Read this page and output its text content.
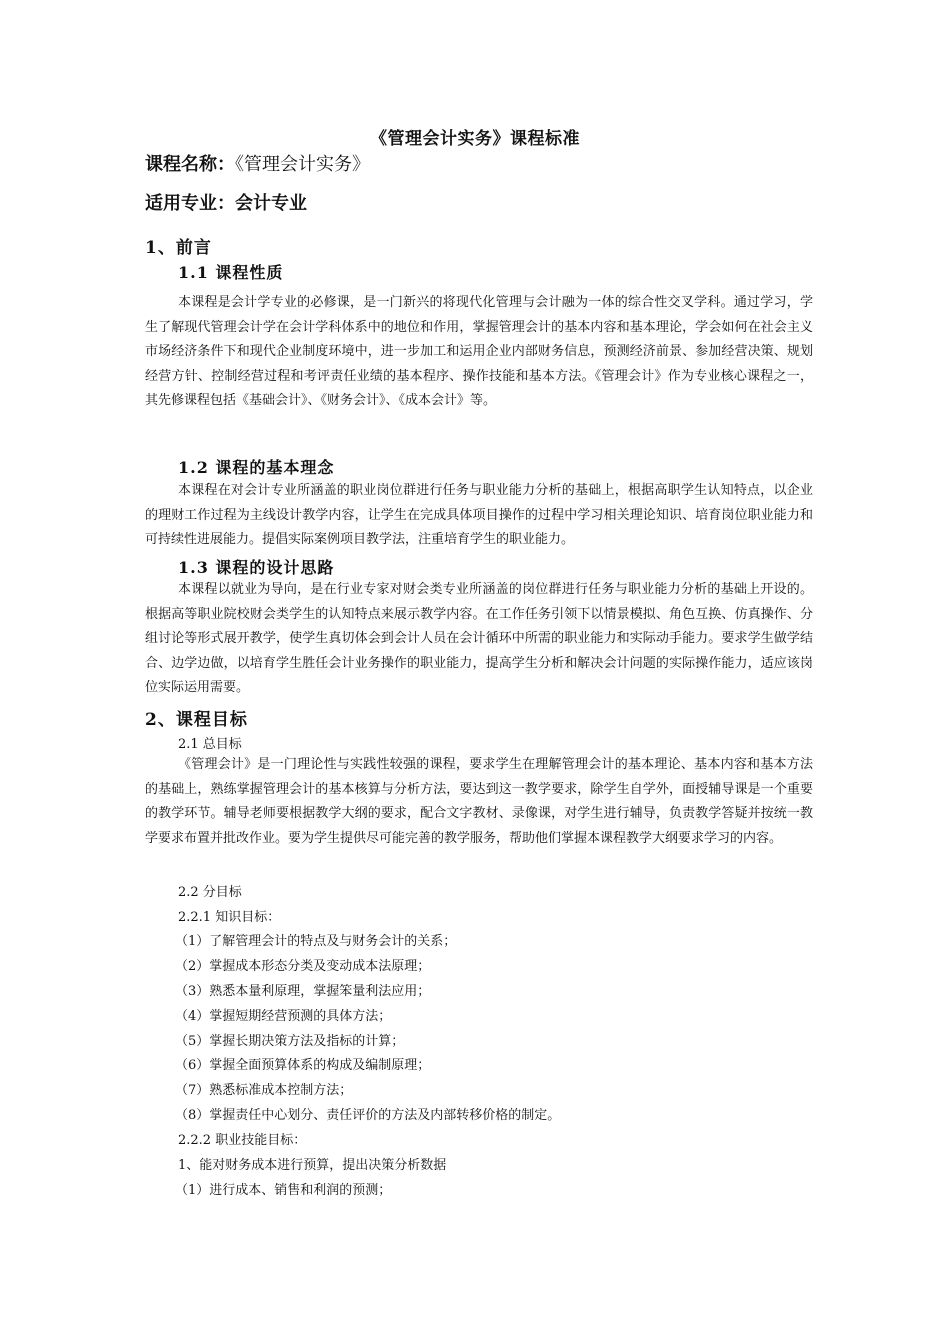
《管理会计实务》课程标准
课程名称：《管理会计实务》
适用专业：会计专业
1、前言
1.1 课程性质

本课程是会计学专业的必修课，是一门新兴的将现代化管理与会计融为一体的综合性交叉学科。通过学习，学生了解现代管理会计学在会计学科体系中的地位和作用，掌握管理会计的基本内容和基本理论，学会如何在社会主义市场经济条件下和现代企业制度环境中，进一步加工和运用企业内部财务信息，预测经济前景、参加经营决策、规划经营方针、控制经营过程和考评责任业绩的基本程序、操作技能和基本方法。《管理会计》作为专业核心课程之一，其先修课程包括《基础会计》、《财务会计》、《成本会计》等。

1.2 课程的基本理念

本课程在对会计专业所涵盖的职业岗位群进行任务与职业能力分析的基础上，根据高职学生认知特点，以企业的理财工作过程为主线设计教学内容，让学生在完成具体项目操作的过程中学习相关理论知识、培育岗位职业能力和可持续性进展能力。提倡实际案例项目教学法，注重培育学生的职业能力。

1.3 课程的设计思路

本课程以就业为导向，是在行业专家对财会类专业所涵盖的岗位群进行任务与职业能力分析的基础上开设的。根据高等职业院校财会类学生的认知特点来展示教学内容。在工作任务引领下以情景模拟、角色互换、仿真操作、分组讨论等形式展开教学，使学生真切体会到会计人员在会计循环中所需的职业能力和实际动手能力。要求学生做学结合、边学边做，以培育学生胜任会计业务操作的职业能力，提高学生分析和解决会计问题的实际操作能力，适应该岗位实际运用需要。

2、课程目标
2.1 总目标

《管理会计》是一门理论性与实践性较强的课程，要求学生在理解管理会计的基本理论、基本内容和基本方法的基础上，熟练掌握管理会计的基本核算与分析方法，要达到这一教学要求，除学生自学外，面授辅导课是一个重要的教学环节。辅导老师要根据教学大纲的要求，配合文字教材、录像课，对学生进行辅导，负责教学答疑并按统一教学要求布置并批改作业。要为学生提供尽可能完善的教学服务，帮助他们掌握本课程教学大纲要求学习的内容。

2.2 分目标
2.2.1 知识目标：
（1）了解管理会计的特点及与财务会计的关系；
（2）掌握成本形态分类及变动成本法原理；
（3）熟悉本量利原理，掌握笨量利法应用；
（4）掌握短期经营预测的具体方法；
（5）掌握长期决策方法及指标的计算；
（6）掌握全面预算体系的构成及编制原理；
（7）熟悉标准成本控制方法；
（8）掌握责任中心划分、责任评价的方法及内部转移价格的制定。
2.2.2 职业技能目标：
1、能对财务成本进行预算，提出决策分析数据
（1）进行成本、销售和利润的预测；
